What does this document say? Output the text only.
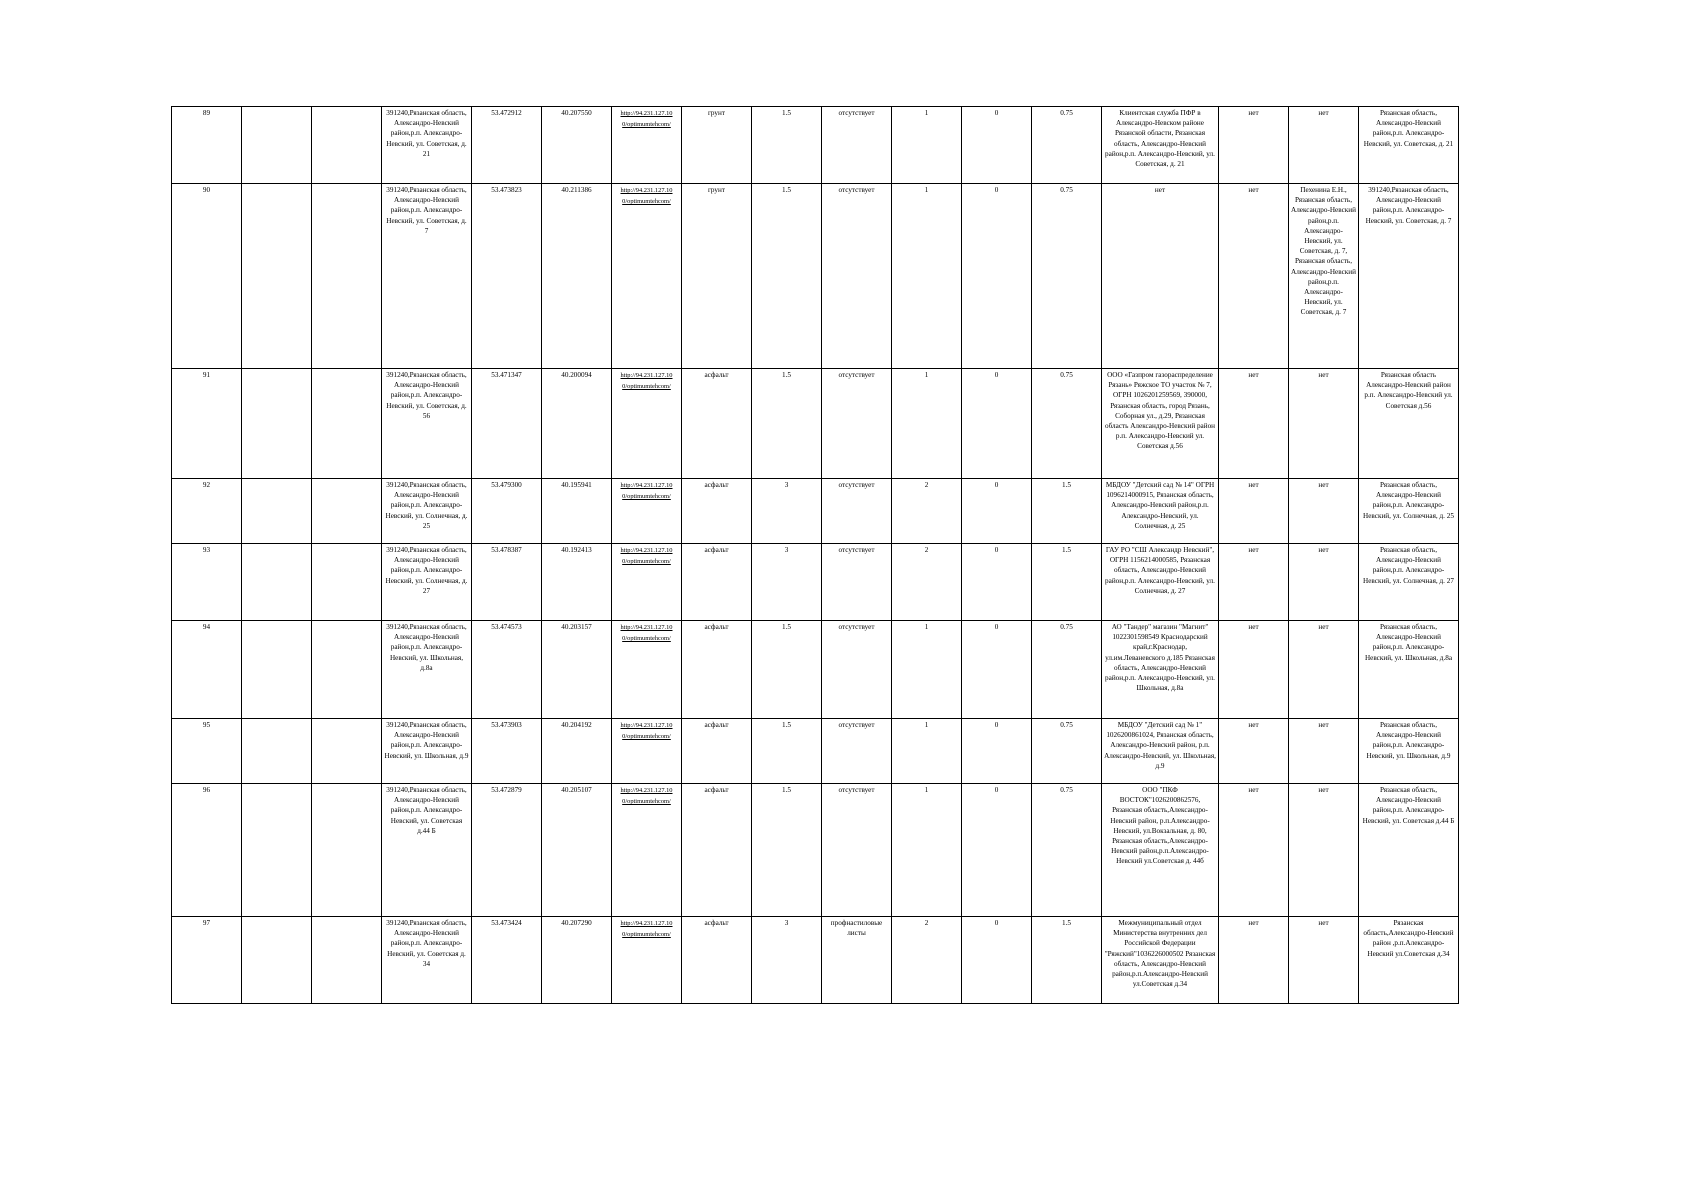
89			391240,Рязанская область, Александро-Невский район,р.п. Александро-Невский, ул. Советская, д. 21	53.472912	40.207550	http://94.231.127.10 0/optimumtehcom/	грунт	1.5	отсутствует	1	0	0.75	Клиентская служба ПФР в Александро-Невском районе Рязанской области, Рязанская область, Александро-Невский район,р.п. Александро-Невский, ул. Советская, д. 21	нет	нет	Рязанская область, Александро-Невский район,р.п. Александро-Невский, ул. Советская, д. 21
90			391240,Рязанская область, Александро-Невский район,р.п. Александро-Невский, ул. Советская, д. 7	53.473823	40.211386	http://94.231.127.10 0/optimumtehcom/	грунт	1.5	отсутствует	1	0	0.75	нет	нет	Пехенина Е.Н., Рязанская область, Александро-Невский район,р.п. Александро-Невский, ул. Советская, д. 7, Рязанская область, Александро-Невский район,р.п. Александро-Невский, ул. Советская, д. 7	391240,Рязанская область, Александро-Невский район,р.п. Александро-Невский, ул. Советская, д. 7
91			391240,Рязанская область, Александро-Невский район,р.п. Александро-Невский, ул. Советская, д. 56	53.471347	40.200094	http://94.231.127.10 0/optimumtehcom/	асфальт	1.5	отсутствует	1	0	0.75	ООО «Газпром газораспределение Рязань» Ряжское ТО участок № 7, ОГРН 1026201259569, 390000, Рязанская область, город Рязань, Соборная ул., д.29, Рязанская область Александро-Невский район р.п. Александро-Невский ул. Советская д.56	нет	нет	Рязанская область Александро-Невский район р.п. Александро-Невский ул. Советская д.56
92			391240,Рязанская область, Александро-Невский район,р.п. Александро-Невский, ул. Солнечная, д. 25	53.479300	40.195941	http://94.231.127.10 0/optimumtehcom/	асфальт	3	отсутствует	2	0	1.5	МБДОУ "Детский сад № 14" ОГРН 1096214000915, Рязанская область, Александро-Невский район,р.п. Александро-Невский, ул. Солнечная, д. 25	нет	нет	Рязанская область, Александро-Невский район,р.п. Александро-Невский, ул. Солнечная, д. 25
93			391240,Рязанская область, Александро-Невский район,р.п. Александро-Невский, ул. Солнечная, д. 27	53.478387	40.192413	http://94.231.127.10 0/optimumtehcom/	асфальт	3	отсутствует	2	0	1.5	ГАУ РО "СШ Александр Невский", ОГРН 1156214000585, Рязанская область, Александро-Невский район,р.п. Александро-Невский, ул. Солнечная, д. 27	нет	нет	Рязанская область, Александро-Невский район,р.п. Александро-Невский, ул. Солнечная, д. 27
94			391240,Рязанская область, Александро-Невский район,р.п. Александро-Невский, ул. Школьная, д.8а	53.474573	40.203157	http://94.231.127.10 0/optimumtehcom/	асфальт	1.5	отсутствует	1	0	0.75	АО "Тандер" магазин "Магнит" 1022301598549 Краснодарский край,г.Краснодар, ул.им.Леваневского д.185 Рязанская область, Александро-Невский район,р.п. Александро-Невский, ул. Школьная, д.8а	нет	нет	Рязанская область, Александро-Невский район,р.п. Александро-Невский, ул. Школьная, д.8а
95			391240,Рязанская область, Александро-Невский район,р.п. Александро-Невский, ул. Школьная, д.9	53.473903	40.204192	http://94.231.127.10 0/optimumtehcom/	асфальт	1.5	отсутствует	1	0	0.75	МБДОУ "Детский сад № 1" 1026200861024, Рязанская область, Александро-Невский район, р.п. Александро-Невский, ул. Школьная, д.9	нет	нет	Рязанская область, Александро-Невский район,р.п. Александро-Невский, ул. Школьная, д.9
96			391240,Рязанская область, Александро-Невский район,р.п. Александро-Невский, ул. Советская д.44 Б	53.472879	40.205107	http://94.231.127.10 0/optimumtehcom/	асфальт	1.5	отсутствует	1	0	0.75	ООО "ПКФ ВОСТОК"1026200862576, Рязанская область,Александро-Невский район, р.п.Александро-Невский, ул.Вокзальная, д. 80, Рязанская область,Александро-Невский район,р.п.Александро-Невский ул.Советская д. 44б	нет	нет	Рязанская область, Александро-Невский район,р.п. Александро-Невский, ул. Советская д.44 Б
97			391240,Рязанская область, Александро-Невский район,р.п. Александро-Невский, ул. Советская д. 34	53.473424	40.207290	http://94.231.127.10 0/optimumtehcom/	асфальт	3	профнастиловые листы	2	0	1.5	Межмуниципальный отдел Министерства внутренних дел Российской Федерации "Ряжский"1036226000502 Рязанская область, Александро-Невский район,р.п.Александро-Невский ул.Советская д.34	нет	нет	Рязанская область,Александро-Невский район ,р.п.Александро-Невский ул.Советская д.34
